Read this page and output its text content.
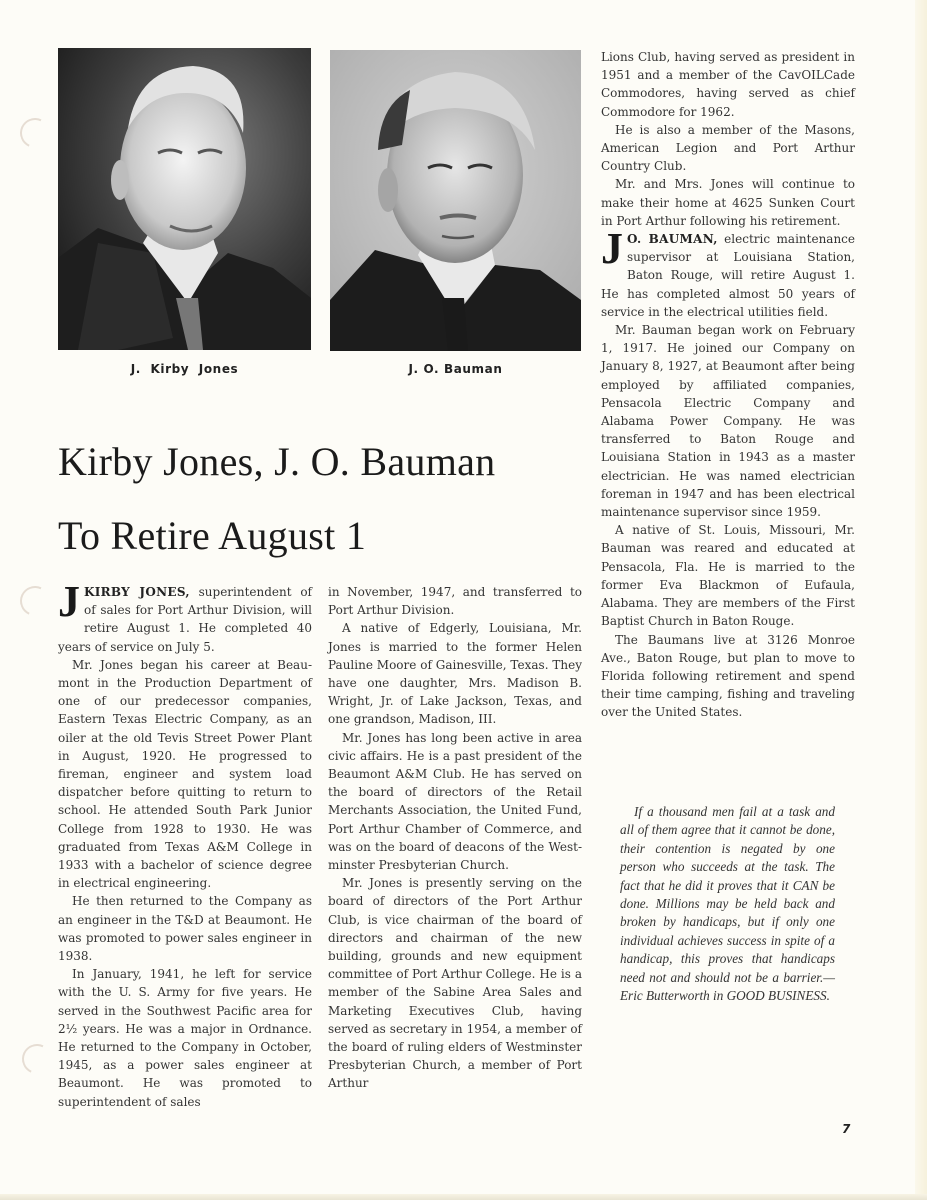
J.  Kirby  Jones	J. O. Bauman
Kirby Jones, J. O. Bauman
To Retire August 1

J KIRBY JONES, superintendent of of sales for Port Arthur Division, will retire August 1. He completed 40 years of service on July 5.

Mr. Jones began his career at Beaumont in the Production Department of one of our predecessor companies, Eastern Texas Electric Company, as an oiler at the old Tevis Street Power Plant in August, 1920. He progressed to fireman, engineer and system load dispatcher before quitting to return to school. He attended South Park Junior College from 1928 to 1930. He was graduated from Texas A&M College in 1933 with a bachelor of science degree in electrical engineering.

He then returned to the Company as an engineer in the T&D at Beaumont. He was promoted to power sales engineer in 1938.

In January, 1941, he left for service with the U. S. Army for five years. He served in the Southwest Pacific area for 2½ years. He was a major in Ordnance. He returned to the Company in October, 1945, as a power sales engineer at Beaumont. He was promoted to superintendent of sales

in November, 1947, and transferred to Port Arthur Division.

A native of Edgerly, Louisiana, Mr. Jones is married to the former Helen Pauline Moore of Gainesville, Texas. They have one daughter, Mrs. Madison B. Wright, Jr. of Lake Jackson, Texas, and one grandson, Madison, III.

Mr. Jones has long been active in area civic affairs. He is a past president of the Beaumont A&M Club. He has served on the board of directors of the Retail Merchants Association, the United Fund, Port Arthur Chamber of Commerce, and was on the board of deacons of the Westminster Presbyterian Church.

Mr. Jones is presently serving on the board of directors of the Port Arthur Club, is vice chairman of the board of directors and chairman of the new building, grounds and new equipment committee of Port Arthur College. He is a member of the Sabine Area Sales and Marketing Executives Club, having served as secretary in 1954, a member of the board of ruling elders of Westminster Presbyterian Church, a member of Port Arthur

Lions Club, having served as president in 1951 and a member of the CavOILCade Commodores, having served as chief Commodore for 1962.

He is also a member of the Masons, American Legion and Port Arthur Country Club.

Mr. and Mrs. Jones will continue to make their home at 4625 Sunken Court in Port Arthur following his retirement.

J O. BAUMAN, electric maintenance supervisor at Louisiana Station, Baton Rouge, will retire August 1. He has completed almost 50 years of service in the electrical utilities field.

Mr. Bauman began work on February 1, 1917. He joined our Company on January 8, 1927, at Beaumont after being employed by affiliated companies, Pensacola Electric Company and Alabama Power Company. He was transferred to Baton Rouge and Louisiana Station in 1943 as a master electrician. He was named electrician foreman in 1947 and has been electrical maintenance supervisor since 1959.

A native of St. Louis, Missouri, Mr. Bauman was reared and educated at Pensacola, Fla. He is married to the former Eva Blackmon of Eufaula, Alabama. They are members of the First Baptist Church in Baton Rouge.

The Baumans live at 3126 Monroe Ave., Baton Rouge, but plan to move to Florida following retirement and spend their time camping, fishing and traveling over the United States.

If a thousand men fail at a task and all of them agree that it cannot be done, their contention is negated by one person who succeeds at the task. The fact that he did it proves that it CAN be done. Millions may be held back and broken by handicaps, but if only one individual achieves success in spite of a handicap, this proves that handicaps need not and should not be a barrier.—Eric Butterworth in GOOD BUSINESS.

7
